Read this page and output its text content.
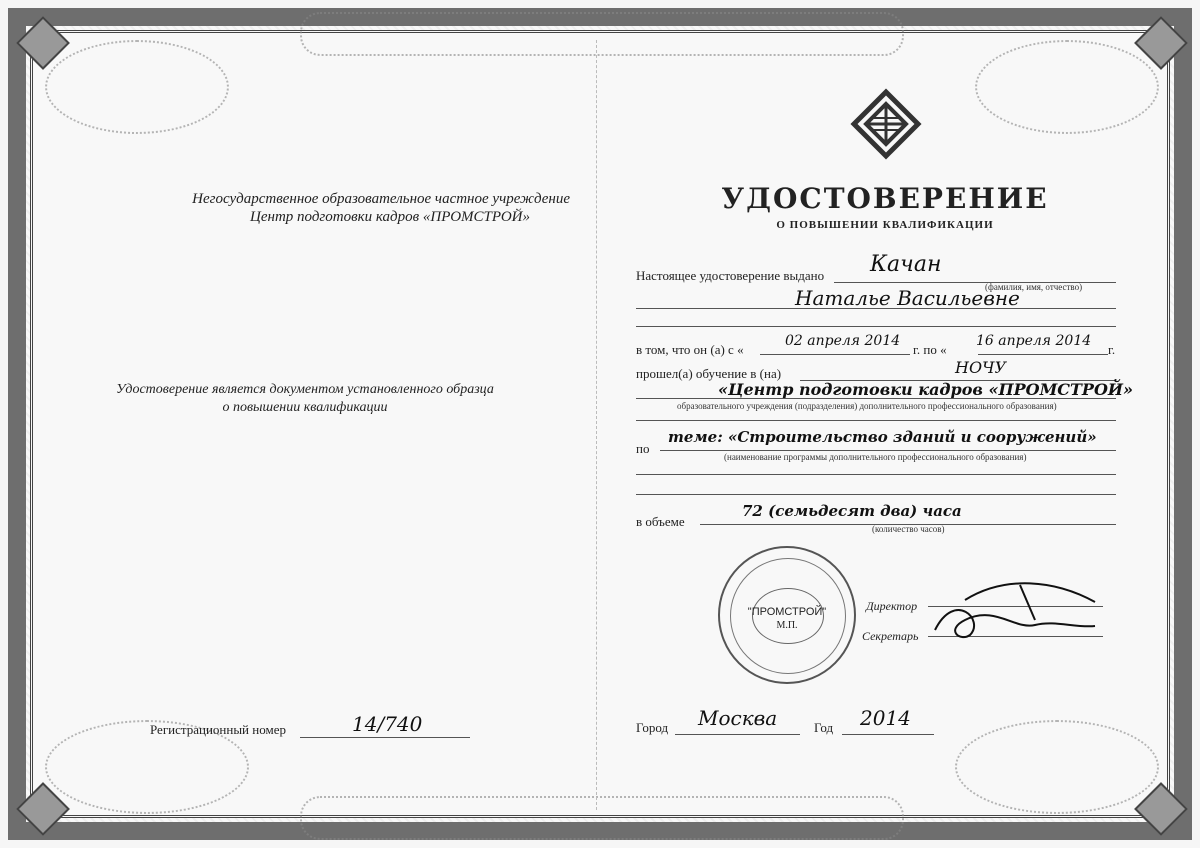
Негосударственное образовательное частное учреждение
Центр подготовки кадров «ПРОМСТРОЙ»
Удостоверение является документом установленного образца
о повышении квалификации
Регистрационный номер	14/740
УДОСТОВЕРЕНИЕ
О ПОВЫШЕНИИ КВАЛИФИКАЦИИ
Настоящее удостоверение выдано Качан
(фамилия, имя, отчество)
Наталье Васильевне
в том, что он (а) с «
02 апреля 2014
г. по «
16 апреля 2014
г.
прошел(а) обучение в (на)	НОЧУ
«Центр подготовки кадров «ПРОМСТРОЙ»
образовательного учреждения (подразделения) дополнительного профессионального образования)
по
теме: «Строительство зданий и сооружений»
(наименование программы дополнительного профессионального образования)
в объеме
72 (семьдесят два) часа
(количество часов)
"ПРОМСТРОЙ"
М.П.
Директор
Секретарь
Город Москва	Год 2014
